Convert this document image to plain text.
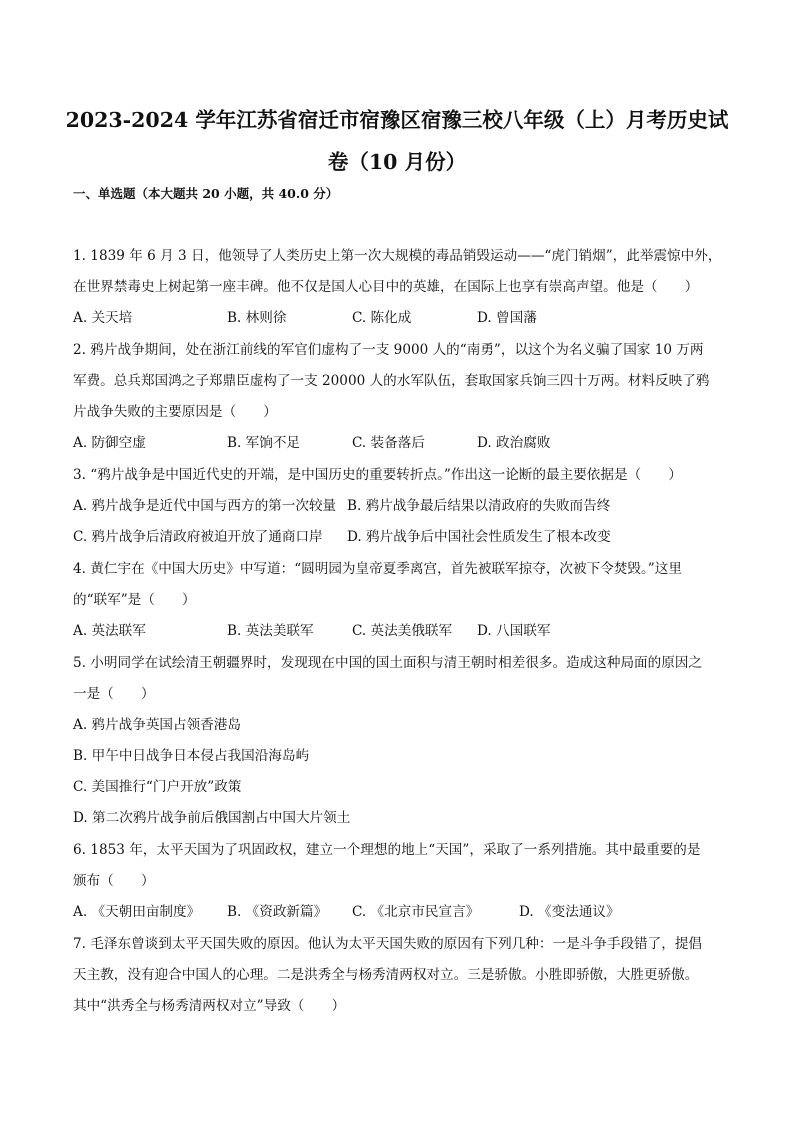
2023-2024 学年江苏省宿迁市宿豫区宿豫三校八年级（上）月考历史试
卷（10 月份）
一、单选题（本大题共 20 小题，共 40.0 分）
1. 1839 年 6 月 3 日，他领导了人类历史上第一次大规模的毒品销毁运动——“虎门销烟”，此举震惊中外，
在世界禁毒史上树起第一座丰碑。他不仅是国人心目中的英雄，在国际上也享有崇高声望。他是（　　）
A. 关天培	B. 林则徐	C. 陈化成	D. 曾国藩
2. 鸦片战争期间，处在浙江前线的军官们虚构了一支 9000 人的“南勇”，以这个为名义骗了国家 10 万两
军费。总兵郑国鸿之子郑鼎臣虚构了一支 20000 人的水军队伍，套取国家兵饷三四十万两。材料反映了鸦
片战争失败的主要原因是（　　）
A. 防御空虚	B. 军饷不足	C. 装备落后	D. 政治腐败
3. “鸦片战争是中国近代史的开端，是中国历史的重要转折点。”作出这一论断的最主要依据是（　　）
A. 鸦片战争是近代中国与西方的第一次较量 B. 鸦片战争最后结果以清政府的失败而告终
C. 鸦片战争后清政府被迫开放了通商口岸 D. 鸦片战争后中国社会性质发生了根本改变
4. 黄仁宇在《中国大历史》中写道：“圆明园为皇帝夏季离宫，首先被联军掠夺，次被下令焚毁。”这里
的“联军”是（　　）
A. 英法联军	B. 英法美联军	C. 英法美俄联军 D. 八国联军
5. 小明同学在试绘清王朝疆界时，发现现在中国的国土面积与清王朝时相差很多。造成这种局面的原因之
一是（　　）
A. 鸦片战争英国占领香港岛
B. 甲午中日战争日本侵占我国沿海岛屿
C. 美国推行“门户开放”政策
D. 第二次鸦片战争前后俄国割占中国大片领土
6. 1853 年，太平天国为了巩固政权，建立一个理想的地上“天国”，采取了一系列措施。其中最重要的是
颁布（　　）
A. 《天朝田亩制度》 B. 《资政新篇》 C. 《北京市民宣言》	D. 《变法通议》
7. 毛泽东曾谈到太平天国失败的原因。他认为太平天国失败的原因有下列几种：一是斗争手段错了，提倡
天主教，没有迎合中国人的心理。二是洪秀全与杨秀清两权对立。三是骄傲。小胜即骄傲，大胜更骄傲。
其中“洪秀全与杨秀清两权对立”导致（　　）
